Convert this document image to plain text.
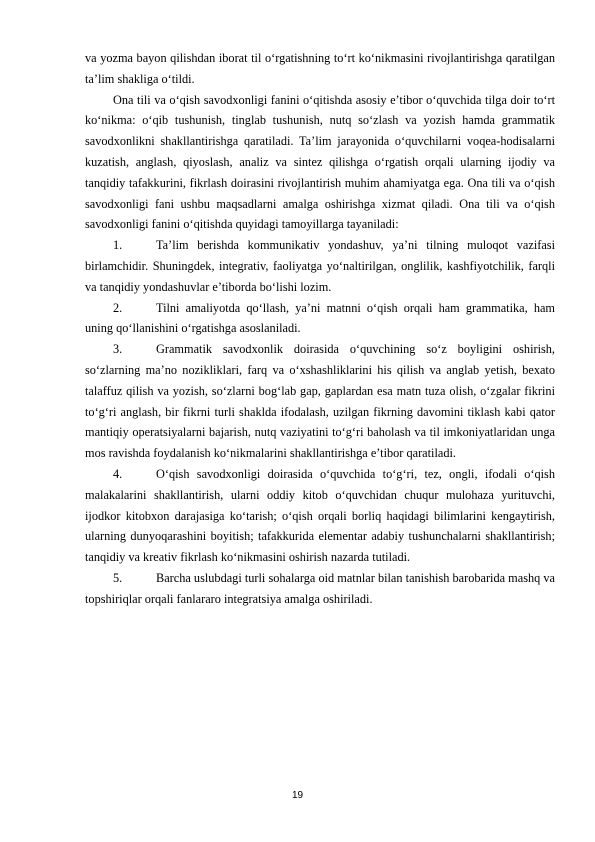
va yozma bayon qilishdan iborat til oʻrgatishning toʻrt koʻnikmasini rivojlantirishga qaratilgan ta’lim shakliga oʻtildi.

Ona tili va o‘qish savodxonligi fanini o‘qitishda asosiy e’tibor o‘quvchida tilga doir toʻrt koʻnikma: oʻqib tushunish, tinglab tushunish, nutq soʻzlash va yozish hamda grammatik savodxonlikni shakllantirishga qaratiladi. Ta’lim jarayonida o‘quvchilarni voqea-hodisalarni kuzatish, anglash, qiyoslash, analiz va sintez qilishga o‘rgatish orqali ularning ijodiy va tanqidiy tafakkurini, fikrlash doirasini rivojlantirish muhim ahamiyatga ega. Ona tili va o‘qish savodxonligi fani ushbu maqsadlarni amalga oshirishga xizmat qiladi. Ona tili va oʻqish savodxonligi fanini oʻqitishda quyidagi tamoyillarga tayaniladi:

1.	Ta’lim berishda kommunikativ yondashuv, ya’ni tilning muloqot vazifasi birlamchidir. Shuningdek, integrativ, faoliyatga yoʻnaltirilgan, onglilik, kashfiyotchilik, farqli va tanqidiy yondashuvlar e’tiborda boʻlishi lozim.
2.	Tilni amaliyotda qoʻllash, ya’ni matnni oʻqish orqali ham grammatika, ham uning qoʻllanishini oʻrgatishga asoslaniladi.
3.	Grammatik savodxonlik doirasida oʻquvchining soʻz boyligini oshirish, soʻzlarning ma’no nozikliklari, farq va oʻxshashliklarini his qilish va anglab yetish, bexato talaffuz qilish va yozish, soʻzlarni bogʻlab gap, gaplardan esa matn tuza olish, oʻzgalar fikrini toʻgʻri anglash, bir fikrni turli shaklda ifodalash, uzilgan fikrning davomini tiklash kabi qator mantiqiy operatsiyalarni bajarish, nutq vaziyatini toʻgʻri baholash va til imkoniyatlaridan unga mos ravishda foydalanish koʻnikmalarini shakllantirishga e’tibor qaratiladi.
4.	Oʻqish savodxonligi doirasida oʻquvchida toʻgʻri, tez, ongli, ifodali oʻqish malakalarini shakllantirish, ularni oddiy kitob oʻquvchidan chuqur mulohaza yurituvchi, ijodkor kitobxon darajasiga koʻtarish; oʻqish orqali borliq haqidagi bilimlarini kengaytirish, ularning dunyoqarashini boyitish; tafakkurida elementar adabiy tushunchalarni shakllantirish; tanqidiy va kreativ fikrlash koʻnikmasini oshirish nazarda tutiladi.
5.	Barcha uslubdagi turli sohalarga oid matnlar bilan tanishish barobarida mashq va topshiriqlar orqali fanlararo integratsiya amalga oshiriladi.
19
